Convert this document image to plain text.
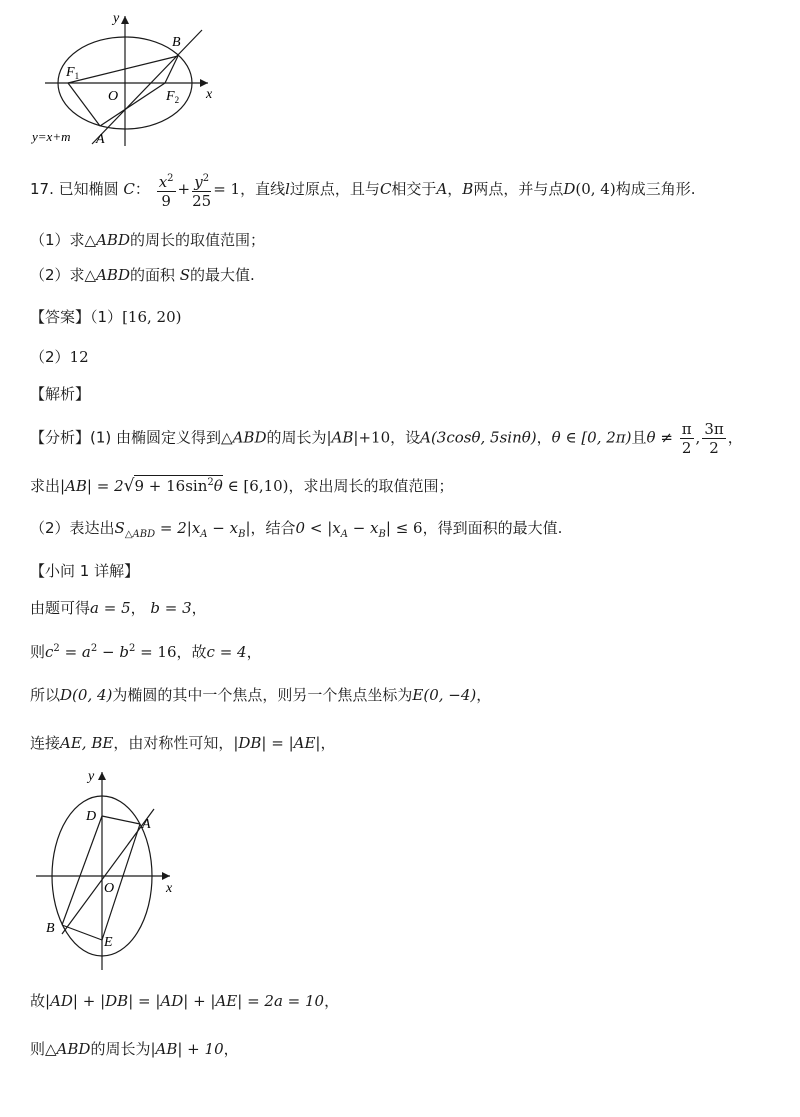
y
x
O
B
$F_1$
$F_2$
A
y=x+m
17. 已知椭圆 C： $\frac{x^2}{9} + \frac{y^2}{25} = 1$，直线l过原点，且与C相交于A，B两点，并与点D(0, 4)构成三角形.
（1）求△ABD的周长的取值范围；
（2）求△ABD的面积 S的最大值.
【答案】（1）[16, 20)
（2）12
【解析】
【分析】(1) 由椭圆定义得到△ABD的周长为|AB|+10，设A(3cosθ, 5sinθ)，θ ∈ [0, 2π)且$\theta \ne \frac{\pi}{2}$ , $\frac{3\pi}{2}$ ，
求出$|AB| = 2√9 + 16\sin^2\theta$ ∈ [6,10)，求出周长的取值范围；
（2）表达出$S_{\triangle ABD} = 2|x_A - x_B|$，结合$0 < |x_A - x_B| \le 6$，得到面积的最大值.
【小问 1 详解】
由题可得a = 5， b = 3，
则$c^2 = a^2 - b^2 = 16$，故c = 4，
所以D(0, 4)为椭圆的其中一个焦点，则另一个焦点坐标为E(0, −4)，
连接AE, BE，由对称性可知，|DB| = |AE|，
y
x
O
D
A
B
E
故|AD| + |DB| = |AD| + |AE| = 2a = 10，
则△ABD的周长为|AB| + 10，
